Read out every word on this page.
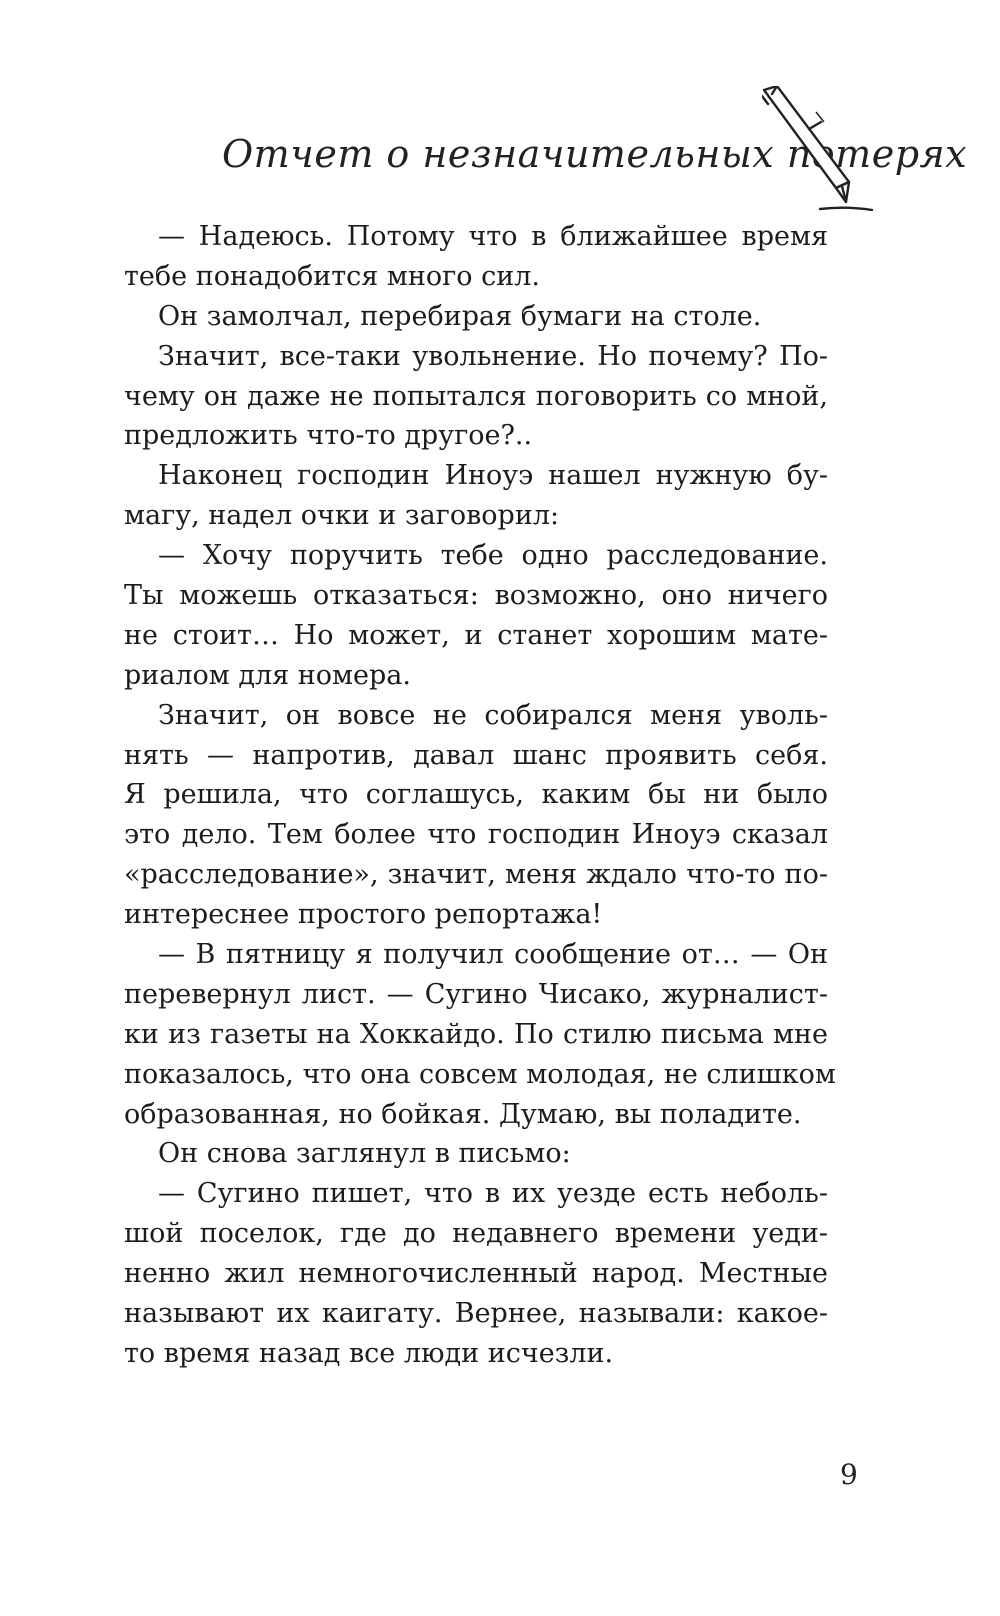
Отчет о незначительных потерях
— Надеюсь. Потому что в ближайшее время
тебе понадобится много сил.
Он замолчал, перебирая бумаги на столе.
Значит, все-таки увольнение. Но почему? По-
чему он даже не попытался поговорить со мной,
предложить что-то другое?..
Наконец господин Иноуэ нашел нужную бу-
магу, надел очки и заговорил:
— Хочу поручить тебе одно расследование.
Ты можешь отказаться: возможно, оно ничего
не стоит… Но может, и станет хорошим мате-
риалом для номера.
Значит, он вовсе не собирался меня уволь-
нять — напротив, давал шанс проявить себя.
Я решила, что соглашусь, каким бы ни было
это дело. Тем более что господин Иноуэ сказал
«расследование», значит, меня ждало что-то по-
интереснее простого репортажа!
— В пятницу я получил сообщение от… — Он
перевернул лист. — Сугино Чисако, журналист-
ки из газеты на Хоккайдо. По стилю письма мне
показалось, что она совсем молодая, не слишком
образованная, но бойкая. Думаю, вы поладите.
Он снова заглянул в письмо:
— Сугино пишет, что в их уезде есть неболь-
шой поселок, где до недавнего времени уеди-
ненно жил немногочисленный народ. Местные
называют их каигату. Вернее, называли: какое-
то время назад все люди исчезли.
9
